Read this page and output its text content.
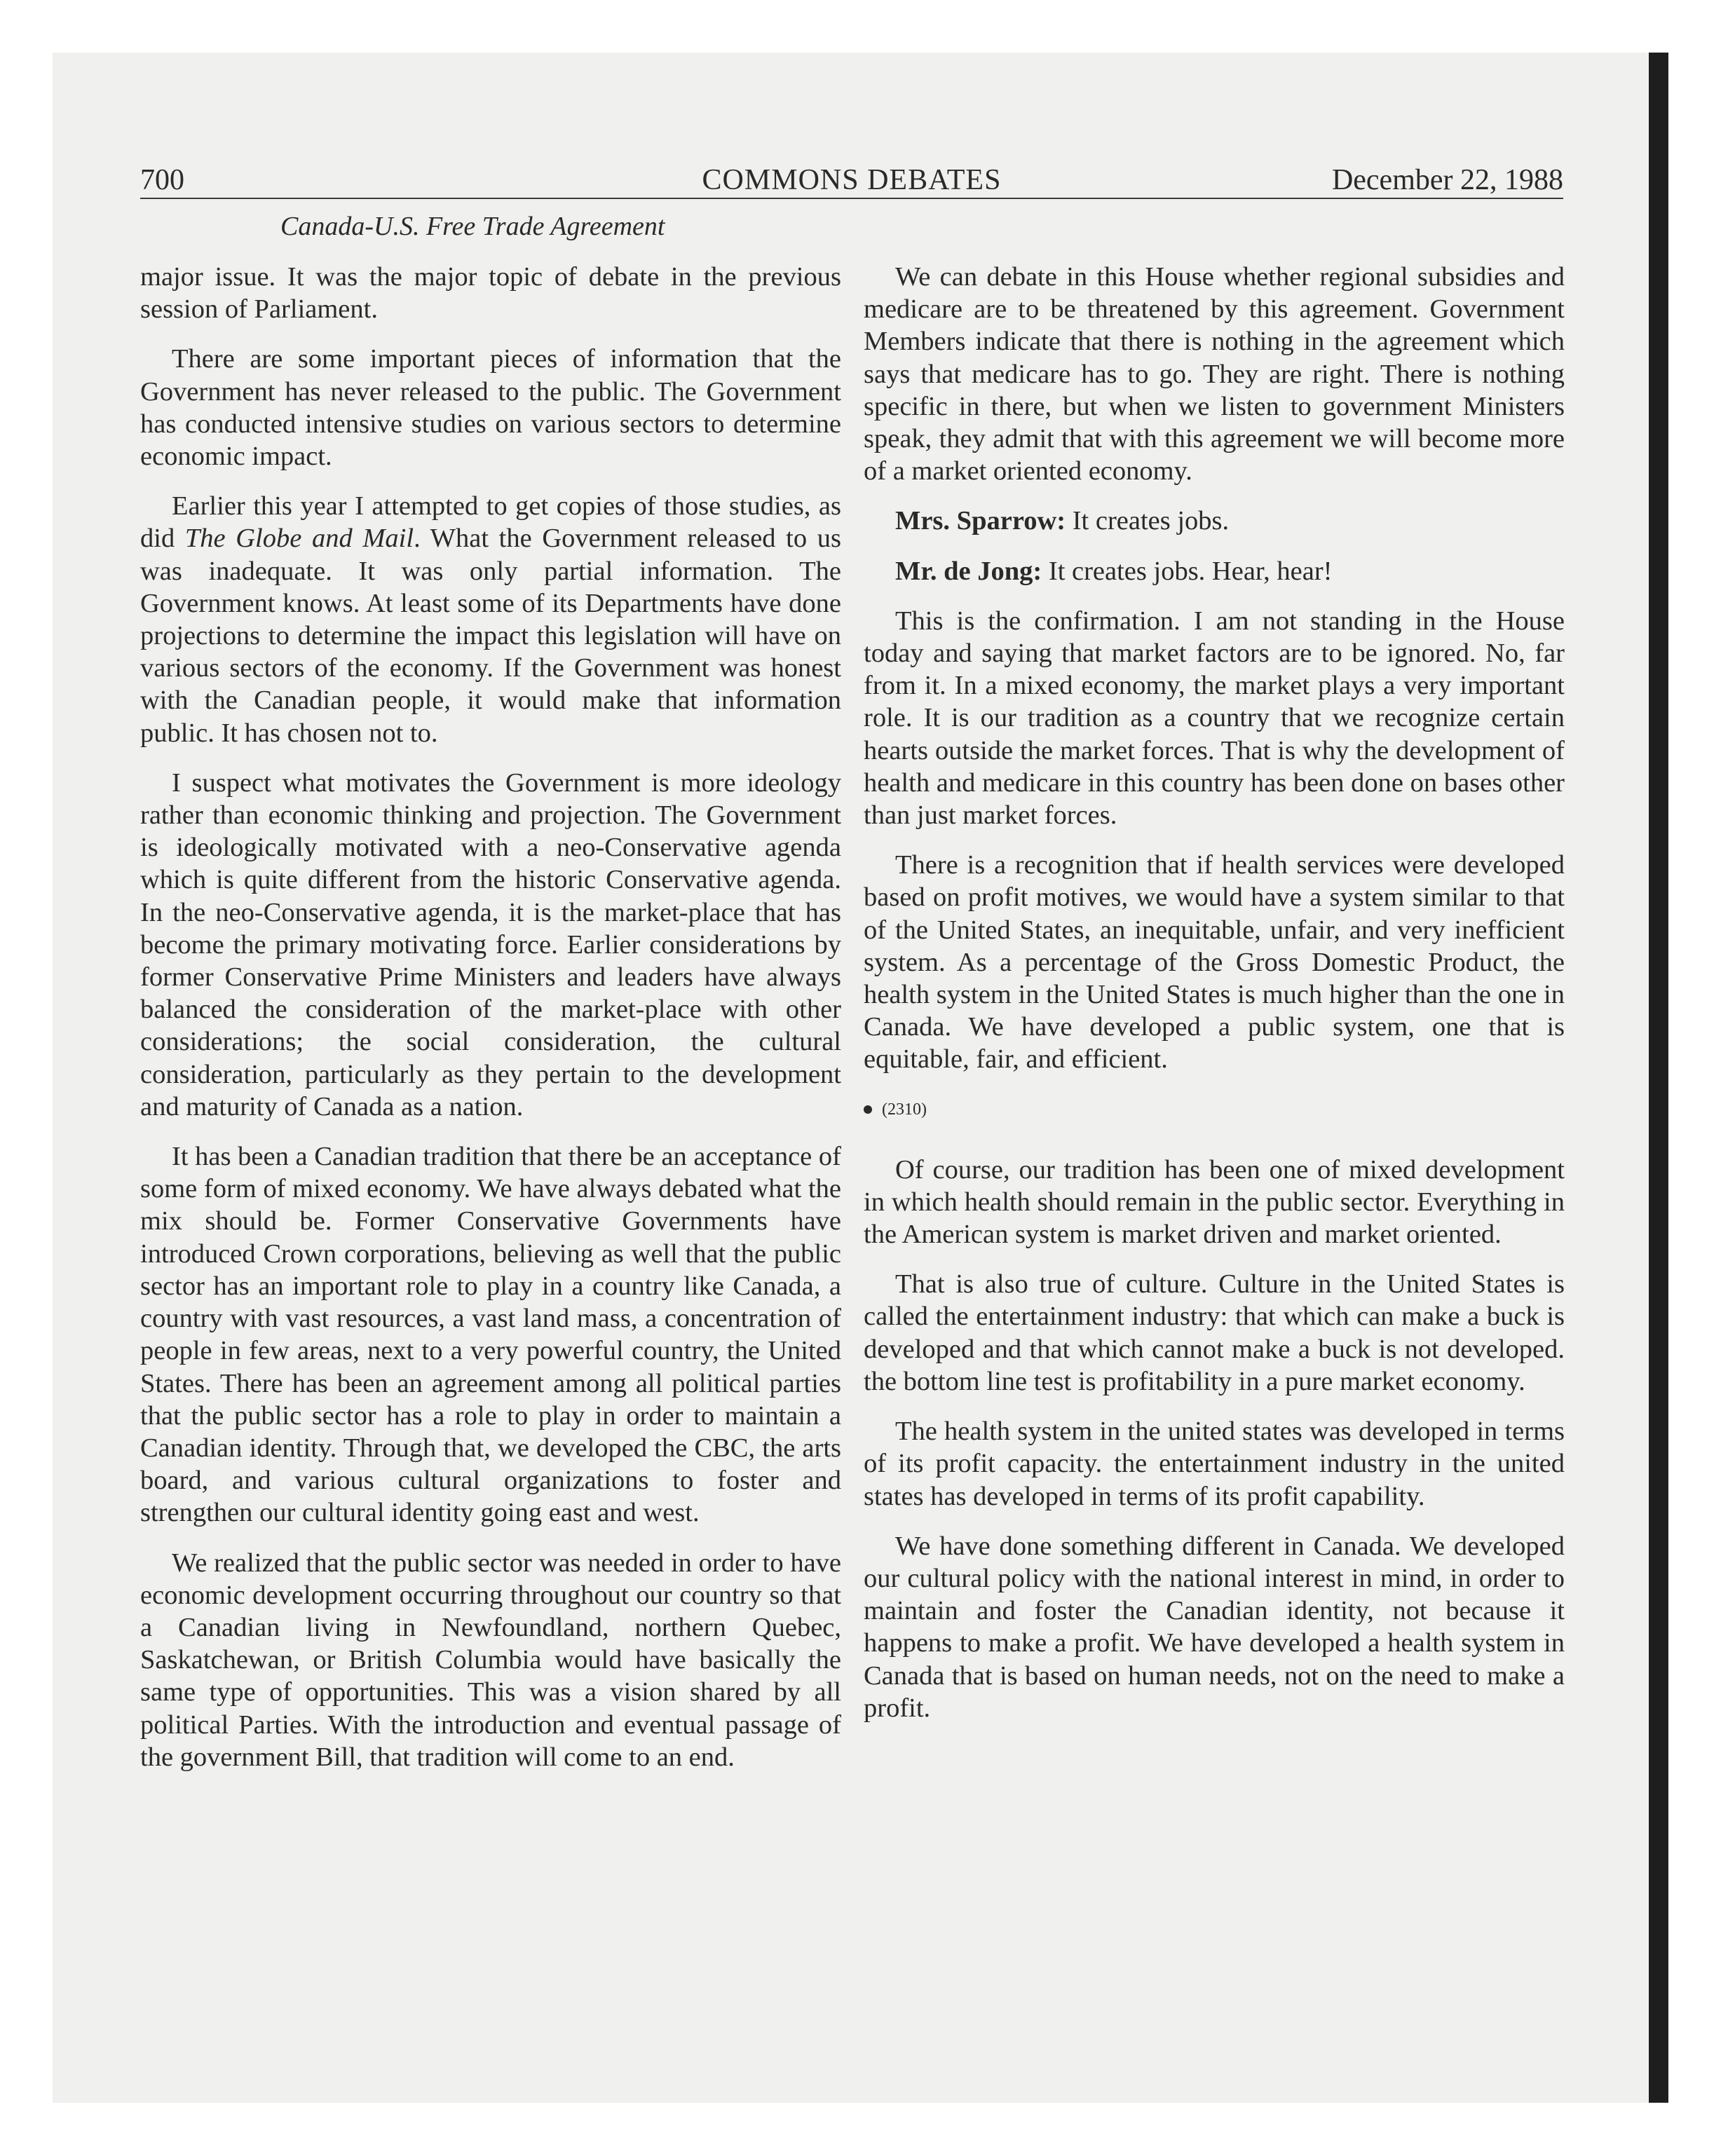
700	COMMONS DEBATES	December 22, 1988
Canada-U.S. Free Trade Agreement

major issue. It was the major topic of debate in the previous session of Parliament.

There are some important pieces of information that the Government has never released to the public. The Government has conducted intensive studies on various sectors to determine economic impact.

Earlier this year I attempted to get copies of those studies, as did The Globe and Mail. What the Government released to us was inadequate. It was only partial information. The Government knows. At least some of its Departments have done projections to determine the impact this legislation will have on various sectors of the economy. If the Government was honest with the Canadian people, it would make that information public. It has chosen not to.

I suspect what motivates the Government is more ideology rather than economic thinking and projection. The Government is ideologically motivated with a neo-Conservative agenda which is quite different from the historic Conservative agenda. In the neo-Conservative agenda, it is the market-place that has become the primary motivating force. Earlier considerations by former Conservative Prime Ministers and leaders have always balanced the consideration of the market-place with other considerations; the social consideration, the cultural consideration, particularly as they pertain to the development and maturity of Canada as a nation.

It has been a Canadian tradition that there be an acceptance of some form of mixed economy. We have always debated what the mix should be. Former Conservative Governments have introduced Crown corporations, believing as well that the public sector has an important role to play in a country like Canada, a country with vast resources, a vast land mass, a concentration of people in few areas, next to a very powerful country, the United States. There has been an agreement among all political parties that the public sector has a role to play in order to maintain a Canadian identity. Through that, we developed the CBC, the arts board, and various cultural organizations to foster and strengthen our cultural identity going east and west.

We realized that the public sector was needed in order to have economic development occurring throughout our country so that a Canadian living in Newfoundland, northern Quebec, Saskatchewan, or British Columbia would have basically the same type of opportunities. This was a vision shared by all political Parties. With the introduction and eventual passage of the government Bill, that tradition will come to an end.

We can debate in this House whether regional subsidies and medicare are to be threatened by this agreement. Government Members indicate that there is nothing in the agreement which says that medicare has to go. They are right. There is nothing specific in there, but when we listen to government Ministers speak, they admit that with this agreement we will become more of a market oriented economy.

Mrs. Sparrow: It creates jobs.

Mr. de Jong: It creates jobs. Hear, hear!

This is the confirmation. I am not standing in the House today and saying that market factors are to be ignored. No, far from it. In a mixed economy, the market plays a very important role. It is our tradition as a country that we recognize certain hearts outside the market forces. That is why the development of health and medicare in this country has been done on bases other than just market forces.

There is a recognition that if health services were developed based on profit motives, we would have a system similar to that of the United States, an inequitable, unfair, and very inefficient system. As a percentage of the Gross Domestic Product, the health system in the United States is much higher than the one in Canada. We have developed a public system, one that is equitable, fair, and efficient.

(2310)

Of course, our tradition has been one of mixed development in which health should remain in the public sector. Everything in the American system is market driven and market oriented.

That is also true of culture. Culture in the United States is called the entertainment industry: that which can make a buck is developed and that which cannot make a buck is not developed. the bottom line test is profitability in a pure market economy.

The health system in the united states was developed in terms of its profit capacity. the entertainment industry in the united states has developed in terms of its profit capability.

We have done something different in Canada. We developed our cultural policy with the national interest in mind, in order to maintain and foster the Canadian identity, not because it happens to make a profit. We have developed a health system in Canada that is based on human needs, not on the need to make a profit.
